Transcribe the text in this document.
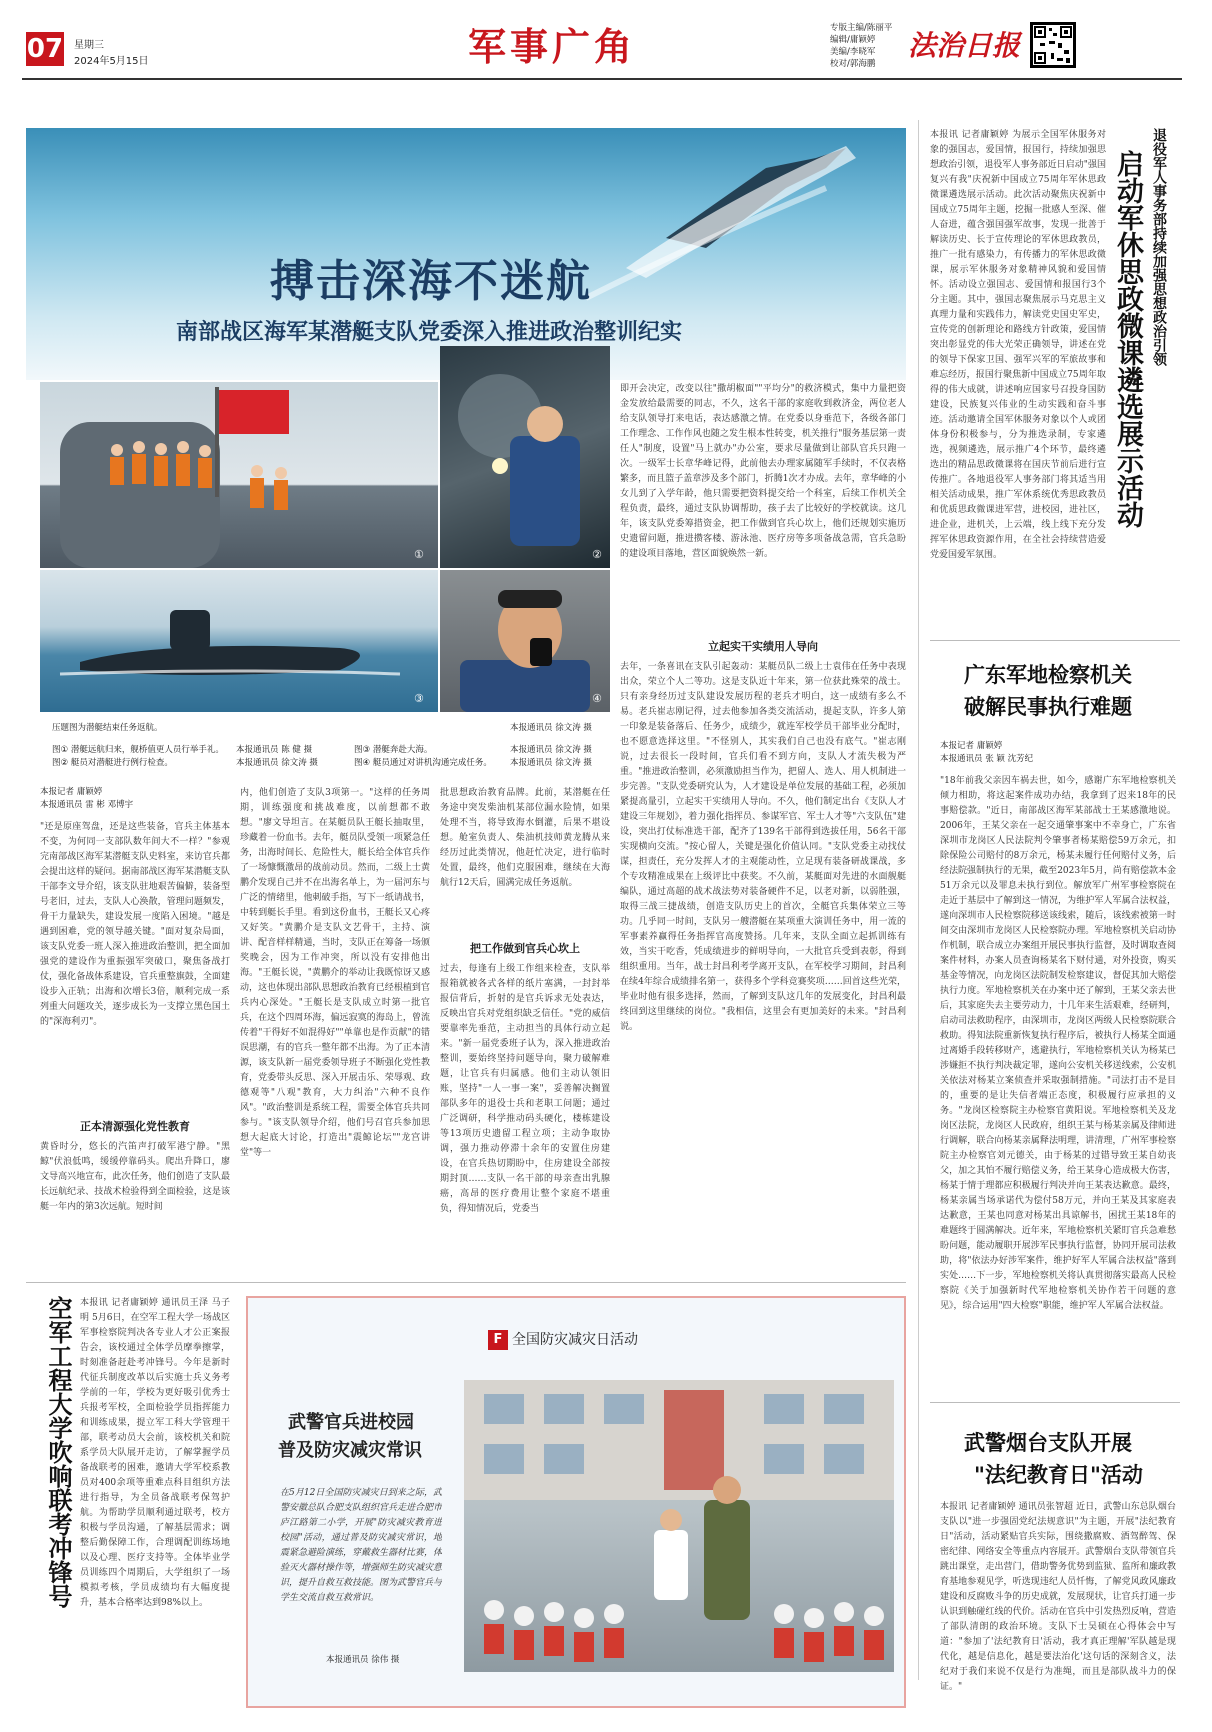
07 星期三
2024年5月15日	军事广角	专版主编/陈丽平
编辑/庸颖婷
美编/李晓军
校对/郭海鹏
法治日报
搏击深海不迷航
南部战区海军某潜艇支队党委深入推进政治整训纪实
①	②
③	④
压题图为潜艇结束任务返航。	本报通讯员 徐文涛 摄
图① 潜艇远航归来，舰桥值更人员行举手礼。
图② 艇员对潜艇进行例行检查。
本报通讯员 陈 健 摄
本报通讯员 徐文涛 摄
图③ 潜艇奔赴大海。
图④ 艇员通过对讲机沟通完成任务。
本报通讯员 徐文涛 摄
本报通讯员 徐文涛 摄
本报记者 庸颖婷
本报通讯员 雷 彬 邓博宇
"还是原座驾盘，还是这些装备，官兵主体基本不变，为何同一支部队数年间大不一样？"参观完南部战区海军某潜艇支队史料室，来访官兵都会提出这样的疑问。据南部战区海军某潜艇支队干部李文导介绍，该支队驻地艰苦偏僻，装备型号老旧，过去，支队人心涣散，管理问题频发，骨干力量缺失，建设发展一度陷入困境。"越是遇到困难，党的领导越关键。"面对复杂局面，该支队党委一班人深入推进政治整训，把全面加强党的建设作为重振强军突破口，聚焦备战打仗，强化备战体系建设，官兵重整旗鼓，全面建设步入正轨；出海和次增长3倍，顺利完成一系列重大问题攻关，逐步成长为一支撑立黑色国土的"深海利刃"。
正本清源强化党性教育
黄昏时分，悠长的汽笛声打破军港宁静。"黑鲸"伏浪低鸣，缓缓停靠码头。爬出升降口，廖文导高兴地宣布，此次任务，他们创造了支队最长远航纪录、技战术检验得到全面检验，这是该艇一年内的第3次远航。短时间
内，他们创造了支队3项第一。"这样的任务周期，训练强度和挑战难度，以前想都不敢想。"廖文导坦言。在某艇员队王艇长抽取里，珍藏着一份血书。去年，艇员队受领一项紧急任务，出海时间长、危险性大，艇长给全体官兵作了一场慷慨激昂的战前动员。然而，二级上士黄鹏介发现自己并不在出海名单上，为一届河东与广泛的情绪里，他刺破手指，写下一纸请战书，中转到艇长手里。看到这份血书，王艇长又心疼又好笑。"黄鹏介是支队文艺骨干，主持、演讲、配音样样精通，当时，支队正在筹备一场颁奖晚会，因为工作冲突，所以没有安排他出海。"王艇长说，"黄鹏介的举动让我既惊讶又感动，这也体现出部队思想政治教育已经根植到官兵内心深处。"王艇长是支队成立时第一批官兵，在这个四周环海，偏远寂寞的海岛上，曾流传着"干得好不如混得好""单靠也是作贡献"的错误思潮，有的官兵一整年都不出海。为了正本清源，该支队新一届党委领导班子不断强化党性教育，党委带头反思、深入开展击乐、荣辱观、政德观等"八观"教育，大力纠治"六种不良作风"。"政治整训是系统工程，需要全体官兵共同参与。"该支队领导介绍，他们号召官兵参加思想大起底大讨论，打造出"震鲸论坛""龙宫讲堂"等一
批思想政治教育品牌。此前，某潜艇在任务途中突发柴油机某部位漏水险情，如果处理不当，将导致海水倒灌，后果不堪设想。舱室负责人、柴油机技师黄龙腾从来经历过此类情况，他赶忙决定，进行临时处置，最终，他们克服困难，继续在大海航行12天后，圆满完成任务返航。
把工作做到官兵心坎上
过去，每逢有上级工作组来检查，支队举报箱就被各式各样的纸片塞满，一封封举报信背后，折射的是官兵诉求无处表达，反映出官兵对党组织缺乏信任。"党的威信要靠率先垂范，主动担当的具体行动立起来。"新一届党委班子认为，深入推进政治整训，要始终坚持问题导向，聚力破解难题，让官兵有归属感。他们主动认领旧账，坚持"一人一事一案"，妥善解决搁置部队多年的退役士兵和老职工问题；通过广泛调研，科学推动码头硬化，楼栋建设等13项历史遗留工程立项；主动争取协调，强力推动停滞十余年的安置住房建设，在官兵热切期盼中，住房建设全部按期封顶……支队一名干部的母亲查出乳腺癌，高昂的医疗费用让整个家庭不堪重负，得知情况后，党委当
即开会决定，改变以往"撒胡椒面""平均分"的救济模式，集中力量把资金发放给最需要的同志，不久，这名干部的家庭收到救济金，两位老人给支队领导打来电话，表达感激之情。在党委以身垂范下，各级各部门工作理念、工作作风也随之发生根本性转变，机关推行"服务基层第一责任人"制度，设置"马上就办"办公室，要求尽量做到让部队官兵只跑一次。一级军士长章华峰记得，此前他去办理家属随军手续时，不仅表格繁多，而且篮子盖章涉及多个部门，折腾1次才办成。去年，章华峰的小女儿到了入学年龄，他只需要把资料提交给一个科室，后续工作机关全程负责，最终，通过支队协调帮助，孩子去了比较好的学校就读。这几年，该支队党委筹措资金，把工作做到官兵心坎上，他们还规划实施历史遗留问题，推进攒客楼、游泳池、医疗房等多项备战急需，官兵急盼的建设项目落地，营区面貌焕然一新。
立起实干实绩用人导向
去年，一条喜讯在支队引起轰动：某艇员队二级上士袁伟在任务中表现出众，荣立个人二等功。这是支队近十年来，第一位获此殊荣的战士。只有亲身经历过支队建设发展历程的老兵才明白，这一成绩有多么不易。老兵崔志刚记得，过去他参加各类交流活动，提起支队，许多人第一印象是装备落后、任务少，成绩少，就连军校学员干部毕业分配时，也不愿意选择这里。"不怪别人，其实我们自己也没有底气。"崔志刚说，过去很长一段时间，官兵们看不到方向，支队人才流失极为严重。"推进政治整训，必须激励担当作为，把留人、选人、用人机制进一步完善。"支队党委研究认为，人才建设是单位发展的基础工程，必须加紧提高量引，立起实干实绩用人导向。不久，他们制定出台《支队人才建设三年规划》，着力强化指挥员、参谋军官、军士人才等"六支队伍"建设，突出打仗标准选干部，配齐了139名干部得到选拔任用，56名干部实现横向交流。"按心留人，关键是强化价值认同。"支队党委主动找仗谋，担责任，充分发挥人才的主观能动性，立足现有装备研战课战，多个专攻精准成果在上级评比中获奖。不久前，某艇面对先进的水面舰艇编队，通过高超的战术战法势对装备硬件不足，以老对新，以弱胜强，取得三战三捷战绩，创造支队历史上的首次，全艇官兵集体荣立三等功。几乎同一时间，支队另一艘潜艇在某项重大演训任务中，用一流的军事素养赢得任务指挥官高度赞扬。几年来，支队全面立起抓训练有效，当实干吃香，凭成绩进步的鲜明导向，一大批官兵受到表彰，得到组织重用。当年，战士封昌利考学离开支队，在军校学习期间，封昌利在续4年综合成绩排名第一，获得多个学科竞赛奖项……回首这些光荣，毕业时他有很多选择，然而，了解到支队这几年的发展变化，封昌利最终回到这里继续的岗位。"我相信，这里会有更加美好的未来。"封昌利说。
本报讯 记者庸颖婷 为展示全国军休服务对象的强国志，爱国情，报国行，持续加强思想政治引领，退役军人事务部近日启动"强国复兴有我"庆祝新中国成立75周年军休思政微课遴选展示活动。此次活动聚焦庆祝新中国成立75周年主题，挖掘一批感人至深、催人奋进，蕴含强国强军故事，发现一批善于解读历史、长于宣传理论的军休思政教员，推广一批有感染力，有传播力的军休思政微课，展示军休服务对象精神风貌和爱国情怀。活动设立强国志、爱国情和报国行3个分主题。其中，强国志聚焦展示马克思主义真理力量和实践伟力，解读党史国史军史，宣传党的创新理论和路线方针政策，爱国情突出彰显党的伟大光荣正确领导，讲述在党的领导下保家卫国、强军兴军的军旅故事和难忘经历，报国行聚焦新中国成立75周年取得的伟大成就，讲述响应国家号召投身国防建设，民族复兴伟业的生动实践和奋斗事迹。活动邀请全国军休服务对象以个人或团体身份积极参与，分为推选录制，专家遴选，视频遴选，展示推广4个环节，最终遴选出的精品思政微课将在国庆节前后进行宣传推广。各地退役军人事务部门将其适当用相关活动成果，推广军休系统优秀思政教员和优质思政微课进军营，进校园，进社区，进企业，进机关，上云端，线上线下充分发挥军休思政资源作用，在全社会持续营造爱党爱国爱军氛围。
退役军人事务部持续加强思想政治引领
启动军休思政微课遴选展示活动
广东军地检察机关
破解民事执行难题
本报记者 庸颖婷
本报通讯员 张 颖 沈芳纪
"18年前我父亲因车祸去世，如今，感谢广东军地检察机关倾力相助，将这起案件成功办结，我拿到了迟来18年的民事赔偿款。"近日，南部战区海军某部战士王某感激地说。2006年，王某父亲在一起交通肇事案中不幸身亡，广东省深圳市龙岗区人民法院判令肇事者杨某赔偿59万余元，扣除保险公司赔付的8万余元，杨某未履行任何赔付义务，后经法院强制执行的无果，截至2023年5月，尚有赔偿款本金51万余元以及罪息未执行到位。解放军广州军事检察院在走近于基层中了解到这一情况，为维护军人军属合法权益，遂向深圳市人民检察院移送该线索，随后，该线索被第一时间交由深圳市龙岗区人民检察院办理。军地检察机关启动协作机制，联合成立办案组开展民事执行监督，及时调取查阅案件材料，办案人员查询杨某名下财付通，对外投资，购买基金等情况，向龙岗区法院制发检察建议，督促其加大赔偿执行力度。军地检察机关在办案中还了解到，王某父亲去世后，其家庭失去主要劳动力，十几年来生活艰难，经研判，启动司法救助程序，由深圳市，龙岗区两级人民检察院联合救助。得知法院重新恢复执行程序后，被执行人杨某全面通过离婚手段转移财产，逃避执行，军地检察机关认为杨某已涉嫌拒不执行判决裁定罪，遂向公安机关移送线索，公安机关依法对杨某立案侦查并采取强制措施。"司法打击不是目的，重要的是让失信者端正态度，积极履行应承担的义务。"龙岗区检察院主办检察官黄阳说。军地检察机关及龙岗区法院，龙岗区人民政府，组织王某与杨某亲属及律师进行调解，联合向杨某亲属释法明理，讲清理，广州军事检察院主办检察官刘元德关，由于杨某的过错导致王某自幼丧父，加之其怕不履行赔偿义务，给王某身心造成极大伤害，杨某于情于理都应积极履行判决并向王某表达歉意。最终，杨某亲属当场承诺代为偿付58万元，并向王某及其家庭表达歉意，王某也同意对杨某出具谅解书，困扰王某18年的难题终于圆满解决。近年来，军地检察机关紧盯官兵急难愁盼问题，能动履职开展涉军民事执行监督，协同开展司法救助，将"依法办好涉军案件，维护好军人军属合法权益"落到实处……下一步，军地检察机关将认真贯彻落实最高人民检察院《关于加强新时代军地检察机关协作若干问题的意见》，综合运用"四大检察"职能，维护军人军属合法权益。
空军工程大学吹响联考冲锋号 本报讯 记者庸颖婷 通讯员王泽 马子明 5月6日，在空军工程大学一场战区军事检察院判决各专业人才公正案报告会，该校通过全体学员摩拳擦掌，时刻准备赶赴考冲锋号。今年是新时代征兵制度改革以后实施士兵义务考学前的一年，学校为更好吸引优秀士兵报考军校，全面检验学员指挥能力和训练成果，提立军工科大学管理干部，联考动员大会前，该校机关和院系学员大队展开走访，了解掌握学员备战联考的困难，邀请大学军校系教员对400余项等重难点科目组织方法进行指导，为全员备战联考保驾护航。为帮助学员顺利通过联考，校方积极与学员沟通，了解基层需求；调整后勤保障工作，合理调配训练场地以及心理、医疗支持等。全体毕业学员训练四个周期后，大学组织了一场模拟考核，学员成绩均有大幅度提升，基本合格率达到98%以上。
F 全国防灾减灾日活动
武警官兵进校园
普及防灾减灾常识
在5月12日全国防灾减灾日到来之际，武警安徽总队合肥支队组织官兵走进合肥市庐江路第二小学，开展"防灾减灾教育进校园"活动，通过普及防灾减灾常识，地震紧急避险演练，穿戴救生器材比赛，体验灭火器材操作等，增强师生防灾减灾意识，提升自救互救技能。图为武警官兵与学生交流自救互救常识。
本报通讯员 徐伟 摄
武警烟台支队开展
"法纪教育日"活动
本报讯 记者庸颖婷 通讯员张智超 近日，武警山东总队烟台支队以"进一步强固党纪法规意识"为主题，开展"法纪教育日"活动，活动紧贴官兵实际，围绕撒腐败、酒驾醉驾、保密纪律、网络安全等重点内容展开。武警烟台支队带领官兵跳出课堂，走出营门，借助警务优势到监狱、监所和廉政教育基地参观见学，听选现违纪人员忏悔，了解党风政风廉政建设和反腐败斗争的历史成就，发展现状，让官兵打通一步认识到触碰红线的代价。活动在官兵中引发热烈反响，营造了部队清朗的政治环境。支队下士吴硕在心得体会中写道："参加了'法纪教育日'活动，我才真正理解'军队越是现代化，越是信息化，越是要法治化'这句话的深刻含义，法纪对于我们来说不仅是行为准绳，而且是部队战斗力的保证。"
